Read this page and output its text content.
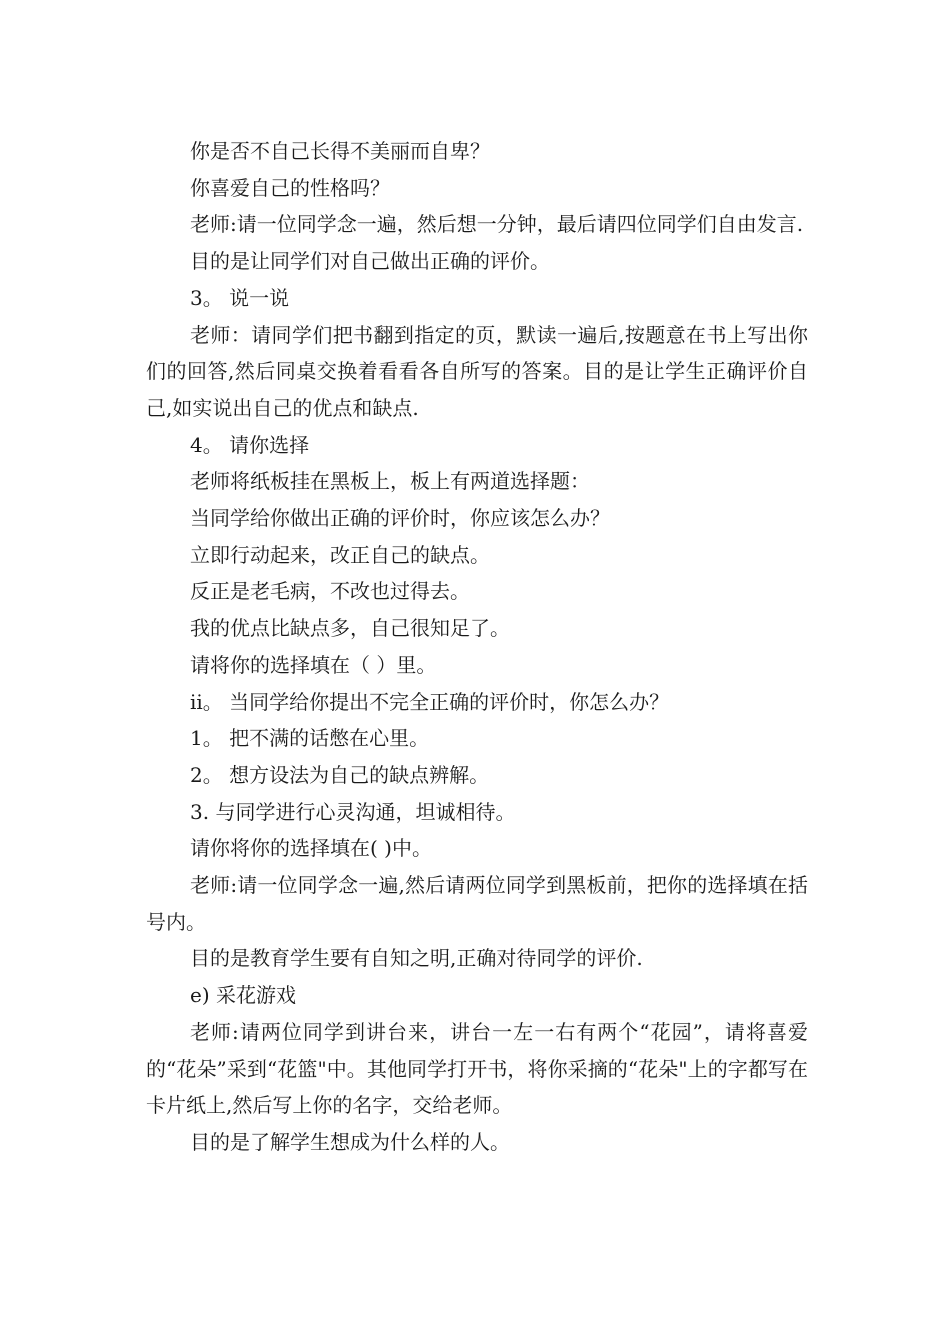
你是否不自己长得不美丽而自卑？

你喜爱自己的性格吗？

老师:请一位同学念一遍，然后想一分钟，最后请四位同学们自由发言.

目的是让同学们对自己做出正确的评价。

3。 说一说

老师：请同学们把书翻到指定的页，默读一遍后,按题意在书上写出你们的回答,然后同桌交换着看看各自所写的答案。目的是让学生正确评价自己,如实说出自己的优点和缺点.

4。 请你选择

老师将纸板挂在黑板上，板上有两道选择题：

当同学给你做出正确的评价时，你应该怎么办？

立即行动起来，改正自己的缺点。

反正是老毛病，不改也过得去。

我的优点比缺点多，自己很知足了。

请将你的选择填在（ ）里。

ii。 当同学给你提出不完全正确的评价时，你怎么办？

1。 把不满的话憋在心里。

2。 想方设法为自己的缺点辨解。

3. 与同学进行心灵沟通，坦诚相待。

请你将你的选择填在( )中。

老师:请一位同学念一遍,然后请两位同学到黑板前，把你的选择填在括号内。

目的是教育学生要有自知之明,正确对待同学的评价.

e) 采花游戏

老师:请两位同学到讲台来，讲台一左一右有两个“花园”，请将喜爱的“花朵”采到“花篮"中。其他同学打开书，将你采摘的“花朵"上的字都写在卡片纸上,然后写上你的名字，交给老师。

目的是了解学生想成为什么样的人。
